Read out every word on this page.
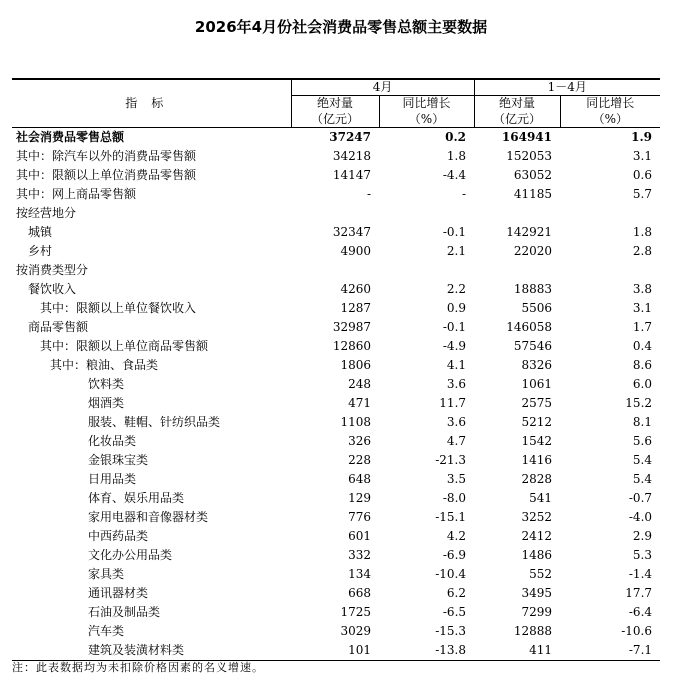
2026年4月份社会消费品零售总额主要数据
	4月		1－4月	
指标	绝对量	同比增长	绝对量	同比增长
	（亿元）	（%）	（亿元）	（%）
社会消费品零售总额	37247	0.2	164941	1.9
其中：除汽车以外的消费品零售额	34218	1.8	152053	3.1
其中：限额以上单位消费品零售额	14147	-4.4	63052	0.6
其中：网上商品零售额	-	-	41185	5.7
按经营地分				
城镇	32347	-0.1	142921	1.8
乡村	4900	2.1	22020	2.8
按消费类型分				
餐饮收入	4260	2.2	18883	3.8
其中：限额以上单位餐饮收入	1287	0.9	5506	3.1
商品零售额	32987	-0.1	146058	1.7
其中：限额以上单位商品零售额	12860	-4.9	57546	0.4
其中：粮油、食品类	1806	4.1	8326	8.6
饮料类	248	3.6	1061	6.0
烟酒类	471	11.7	2575	15.2
服装、鞋帽、针纺织品类	1108	3.6	5212	8.1
化妆品类	326	4.7	1542	5.6
金银珠宝类	228	-21.3	1416	5.4
日用品类	648	3.5	2828	5.4
体育、娱乐用品类	129	-8.0	541	-0.7
家用电器和音像器材类	776	-15.1	3252	-4.0
中西药品类	601	4.2	2412	2.9
文化办公用品类	332	-6.9	1486	5.3
家具类	134	-10.4	552	-1.4
通讯器材类	668	6.2	3495	17.7
石油及制品类	1725	-6.5	7299	-6.4
汽车类	3029	-15.3	12888	-10.6
建筑及装潢材料类	101	-13.8	411	-7.1
注：此表数据均为未扣除价格因素的名义增速。
